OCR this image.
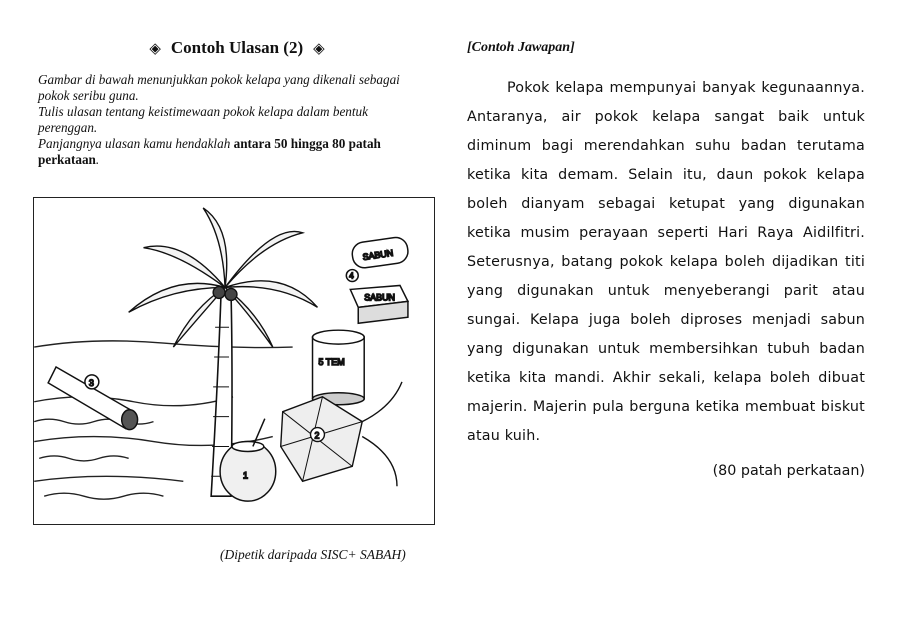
◈ Contoh Ulasan (2) ◈

Gambar di bawah menunjukkan pokok kelapa yang dikenali sebagai pokok seribu guna.

Tulis ulasan tentang keistimewaan pokok kelapa dalam bentuk perenggan.

Panjangnya ulasan kamu hendaklah antara 50 hingga 80 patah perkataan.

3
SABUN
SABUN
4
5 TEM
2
1
(Dipetik daripada SISC+ SABAH)
[Contoh Jawapan]
Pokok kelapa mempunyai banyak kegunaannya. Antaranya, air pokok kelapa sangat baik untuk diminum bagi merendahkan suhu badan terutama ketika kita demam. Selain itu, daun pokok kelapa boleh dianyam sebagai ketupat yang digunakan ketika musim perayaan seperti Hari Raya Aidilfitri. Seterusnya, batang pokok kelapa boleh dijadikan titi yang digunakan untuk menyeberangi parit atau sungai. Kelapa juga boleh diproses menjadi sabun yang digunakan untuk membersihkan tubuh badan ketika kita mandi. Akhir sekali, kelapa boleh dibuat majerin. Majerin pula berguna ketika membuat biskut atau kuih.
(80 patah perkataan)
